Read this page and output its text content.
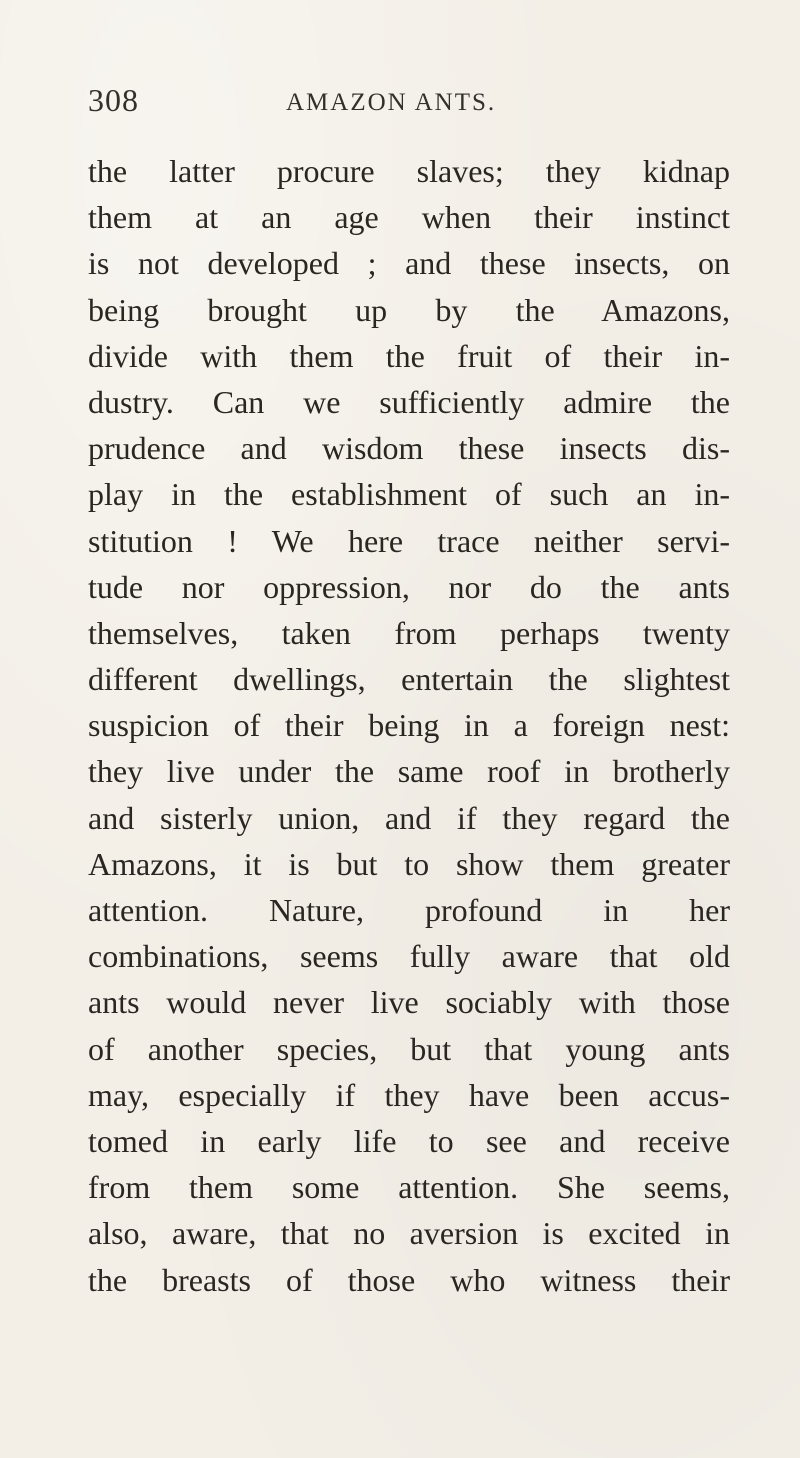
308	AMAZON ANTS.
the latter procure slaves; they kidnap
them at an age when their instinct
is not developed ; and these insects, on
being brought up by the Amazons,
divide with them the fruit of their in-
dustry. Can we sufficiently admire the
prudence and wisdom these insects dis-
play in the establishment of such an in-
stitution ! We here trace neither servi-
tude nor oppression, nor do the ants
themselves, taken from perhaps twenty
different dwellings, entertain the slightest
suspicion of their being in a foreign nest:
they live under the same roof in brotherly
and sisterly union, and if they regard the
Amazons, it is but to show them greater
attention. Nature, profound in her
combinations, seems fully aware that old
ants would never live sociably with those
of another species, but that young ants
may, especially if they have been accus-
tomed in early life to see and receive
from them some attention. She seems,
also, aware, that no aversion is excited in
the breasts of those who witness their
